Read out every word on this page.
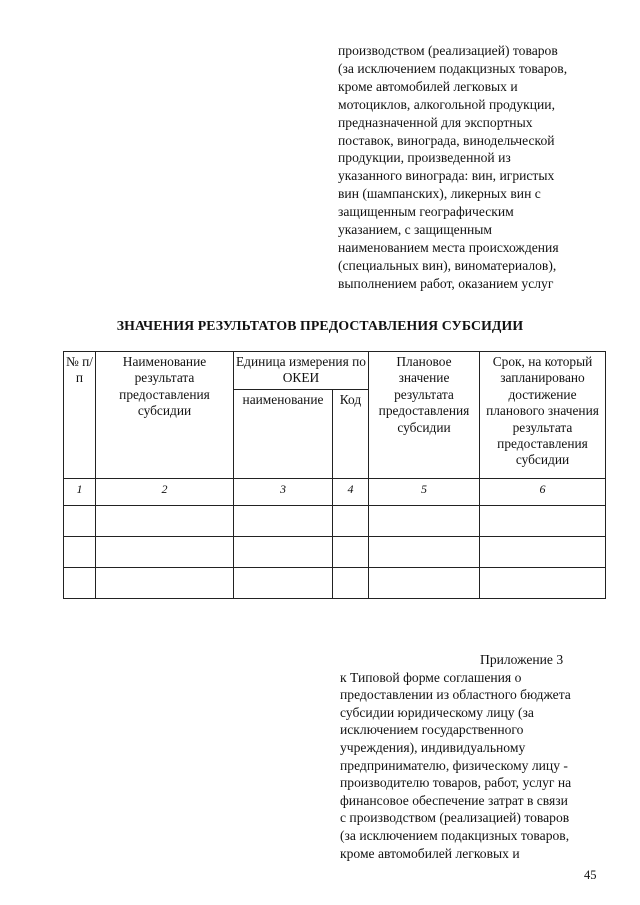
производством (реализацией) товаров
(за исключением подакцизных товаров,
кроме автомобилей легковых и
мотоциклов, алкогольной продукции,
предназначенной для экспортных
поставок, винограда, винодельческой
продукции, произведенной из
указанного винограда: вин, игристых
вин (шампанских), ликерных вин с
защищенным географическим
указанием, с защищенным
наименованием места происхождения
(специальных вин), виноматериалов),
выполнением работ, оказанием услуг
ЗНАЧЕНИЯ РЕЗУЛЬТАТОВ ПРЕДОСТАВЛЕНИЯ СУБСИДИИ
№ п/п	Наименование результата предоставления субсидии	Единица измерения по ОКЕИ		Плановое значение результата предоставления субсидии	Срок, на который запланировано достижение планового значения результата предоставления субсидии
		наименование	Код		
1	2	3	4	5	6

Приложение 3
к Типовой форме соглашения о
предоставлении из областного бюджета
субсидии юридическому лицу (за
исключением государственного
учреждения), индивидуальному
предпринимателю, физическому лицу -
производителю товаров, работ, услуг на
финансовое обеспечение затрат в связи
с производством (реализацией) товаров
(за исключением подакцизных товаров,
кроме автомобилей легковых и
45
